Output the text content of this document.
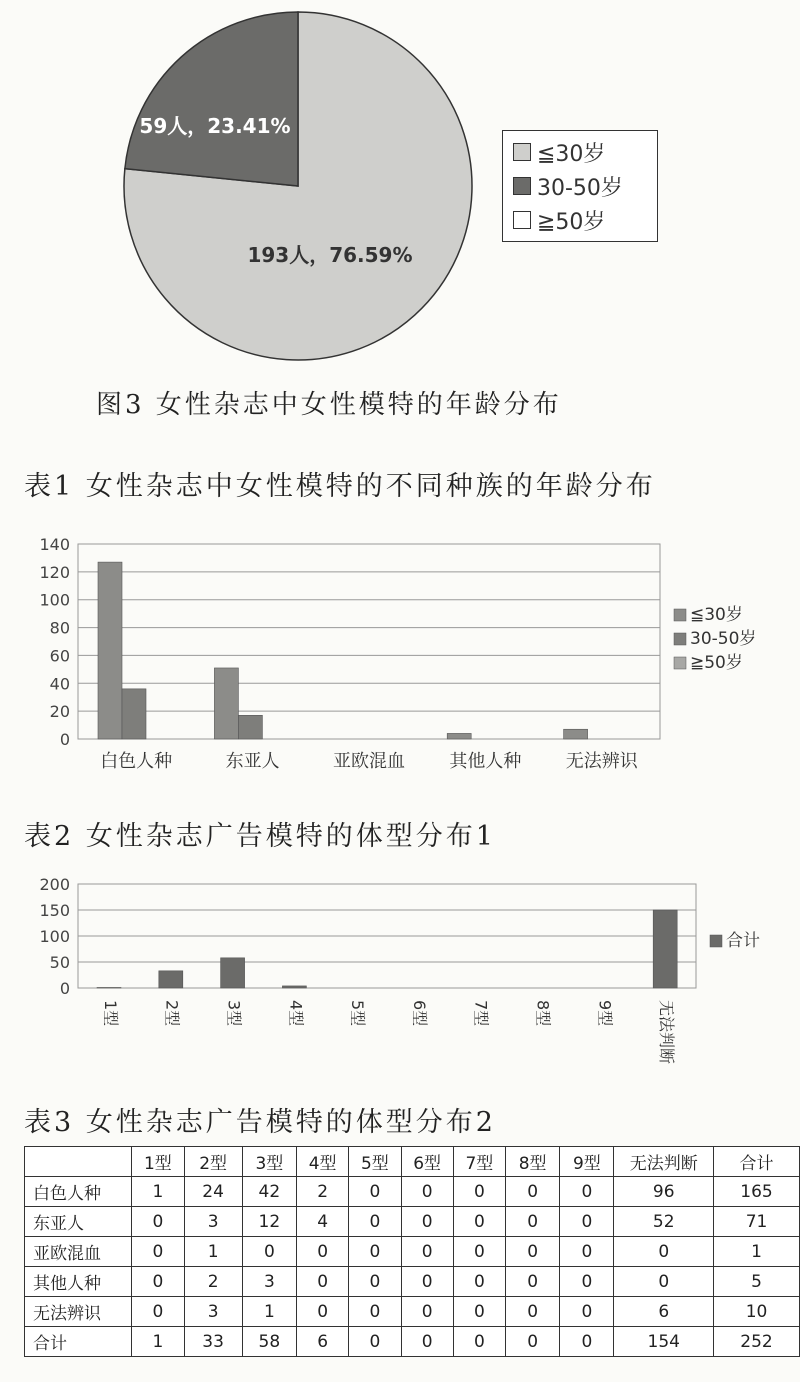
59人，23.41%
193人，76.59%
≦30岁
30-50岁
≧50岁
图3 女性杂志中女性模特的年龄分布
表1 女性杂志中女性模特的不同种族的年龄分布
0
20
40
60
80
100
120
140
白色人种	东亚人	亚欧混血 其他人种 无法辨识
≦30岁
30-50岁
≧50岁
表2 女性杂志广告模特的体型分布1
0
50
100
150
200
1型	2型	3型	4型	5型	6型	7型	8型	9型	无法判断
合计
表3 女性杂志广告模特的体型分布2
	1型	2型	3型	4型	5型	6型	7型	8型	9型	无法判断	合计
白色人种	1	24	42	2	0	0	0	0	0	96	165
东亚人	0	3	12	4	0	0	0	0	0	52	71
亚欧混血	0	1	0	0	0	0	0	0	0	0	1
其他人种	0	2	3	0	0	0	0	0	0	0	5
无法辨识	0	3	1	0	0	0	0	0	0	6	10
合计	1	33	58	6	0	0	0	0	0	154	252
